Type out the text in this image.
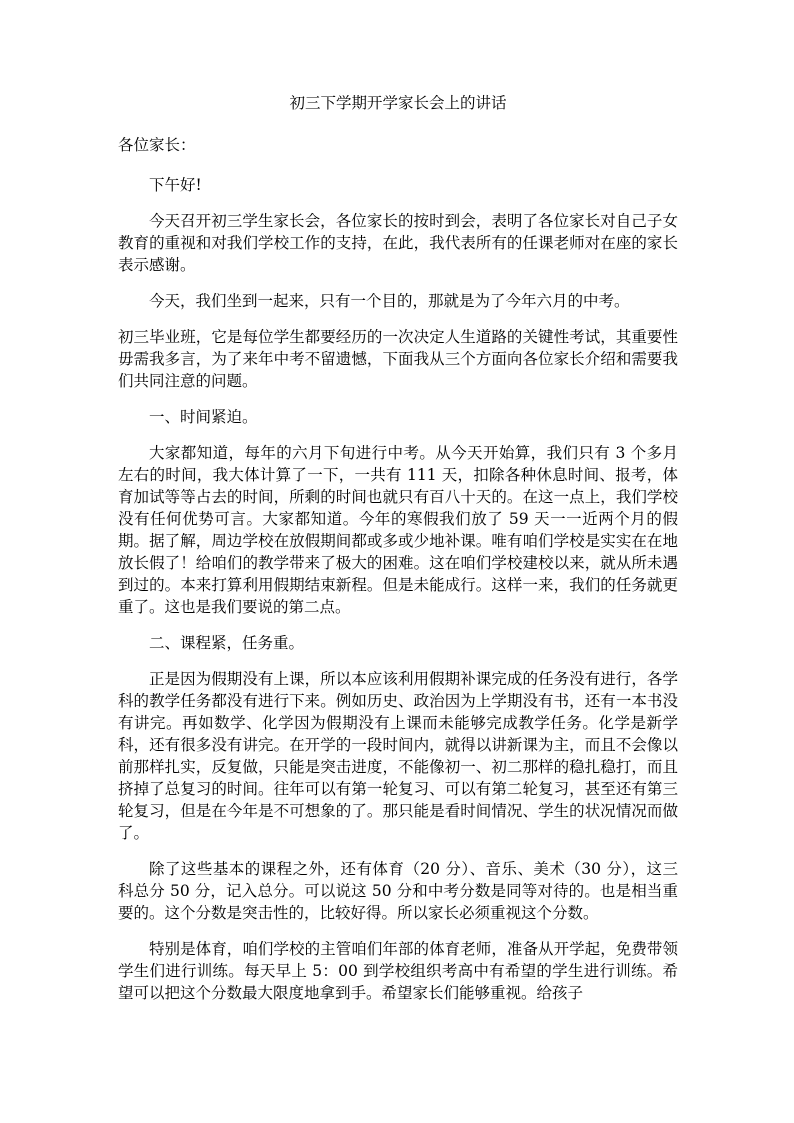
初三下学期开学家长会上的讲话
各位家长：

下午好!

今天召开初三学生家长会，各位家长的按时到会，表明了各位家长对自己子女教育的重视和对我们学校工作的支持，在此，我代表所有的任课老师对在座的家长表示感谢。

今天，我们坐到一起来，只有一个目的，那就是为了今年六月的中考。

初三毕业班，它是每位学生都要经历的一次决定人生道路的关键性考试，其重要性毋需我多言，为了来年中考不留遗憾，下面我从三个方面向各位家长介绍和需要我们共同注意的问题。

一、时间紧迫。

大家都知道，每年的六月下旬进行中考。从今天开始算，我们只有 3 个多月左右的时间，我大体计算了一下，一共有 111 天，扣除各种休息时间、报考，体育加试等等占去的时间，所剩的时间也就只有百八十天的。在这一点上，我们学校没有任何优势可言。大家都知道。今年的寒假我们放了 59 天一一近两个月的假期。据了解，周边学校在放假期间都或多或少地补课。唯有咱们学校是实实在在地放长假了！给咱们的教学带来了极大的困难。这在咱们学校建校以来，就从所未遇到过的。本来打算利用假期结束新程。但是未能成行。这样一来，我们的任务就更重了。这也是我们要说的第二点。

二、课程紧，任务重。

正是因为假期没有上课，所以本应该利用假期补课完成的任务没有进行，各学科的教学任务都没有进行下来。例如历史、政治因为上学期没有书，还有一本书没有讲完。再如数学、化学因为假期没有上课而未能够完成教学任务。化学是新学科，还有很多没有讲完。在开学的一段时间内，就得以讲新课为主，而且不会像以前那样扎实，反复做，只能是突击进度，不能像初一、初二那样的稳扎稳打，而且挤掉了总复习的时间。往年可以有第一轮复习、可以有第二轮复习，甚至还有第三轮复习，但是在今年是不可想象的了。那只能是看时间情况、学生的状况情况而做了。

除了这些基本的课程之外，还有体育（20 分）、音乐、美术（30 分），这三科总分 50 分，记入总分。可以说这 50 分和中考分数是同等对待的。也是相当重要的。这个分数是突击性的，比较好得。所以家长必须重视这个分数。

特别是体育，咱们学校的主管咱们年部的体育老师，准备从开学起，免费带领学生们进行训练。每天早上 5：00 到学校组织考高中有希望的学生进行训练。希望可以把这个分数最大限度地拿到手。希望家长们能够重视。给孩子
